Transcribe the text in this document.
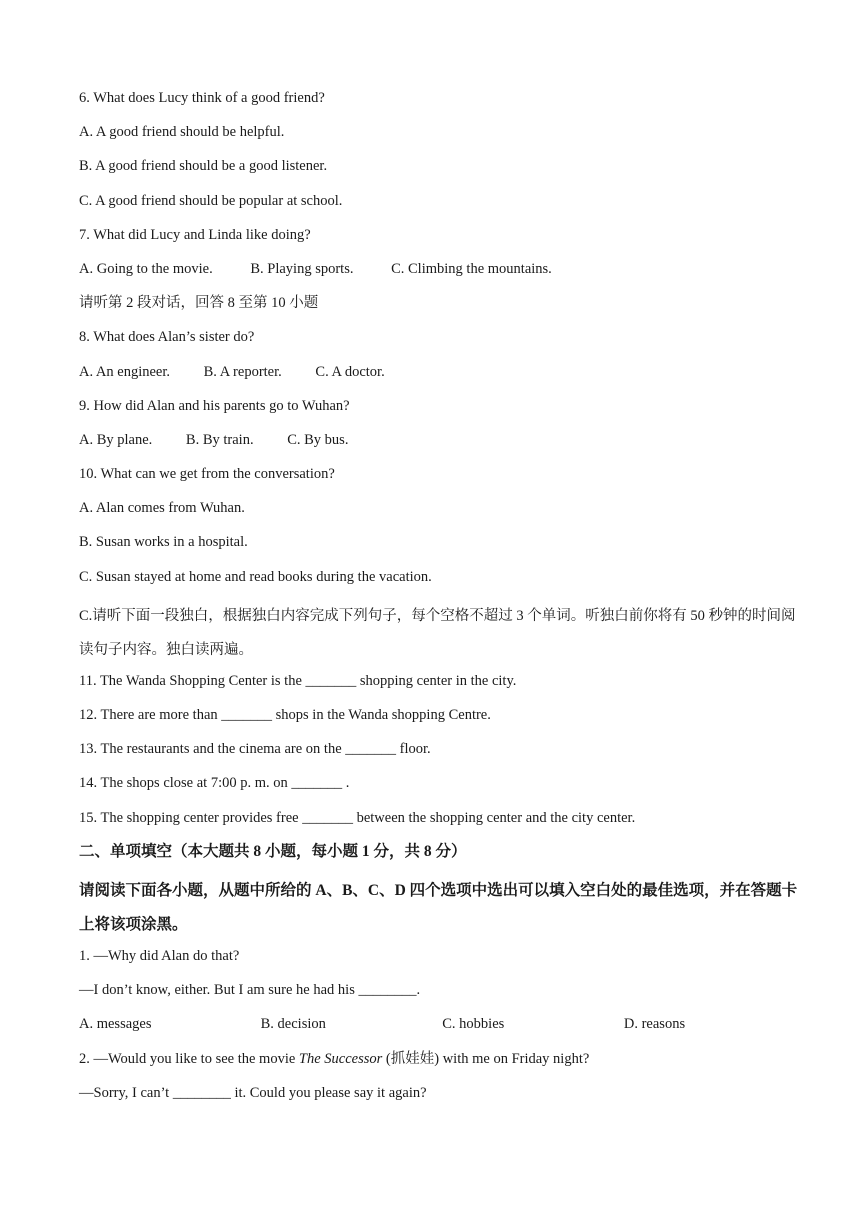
6. What does Lucy think of a good friend?
A. A good friend should be helpful.
B. A good friend should be a good listener.
C. A good friend should be popular at school.
7. What did Lucy and Linda like doing?
A. Going to the movie.	B. Playing sports.	C. Climbing the mountains.
请听第 2 段对话，回答 8 至第 10 小题
8. What does Alan’s sister do?
A. An engineer. B. A reporter. C. A doctor.
9. How did Alan and his parents go to Wuhan?
A. By plane. B. By train. C. By bus.
10. What can we get from the conversation?
A. Alan comes from Wuhan.
B. Susan works in a hospital.
C. Susan stayed at home and read books during the vacation.
C.请听下面一段独白，根据独白内容完成下列句子，每个空格不超过 3 个单词。听独白前你将有 50 秒钟的时间阅读句子内容。独白读两遍。
11. The Wanda Shopping Center is the _______ shopping center in the city.
12. There are more than _______ shops in the Wanda shopping Centre.
13. The restaurants and the cinema are on the _______ floor.
14. The shops close at 7:00 p. m. on _______ .
15. The shopping center provides free _______ between the shopping center and the city center.
二、单项填空（本大题共 8 小题，每小题 1 分，共 8 分）
请阅读下面各小题，从题中所给的 A、B、C、D 四个选项中选出可以填入空白处的最佳选项，并在答题卡上将该项涂黑。
1. —Why did Alan do that?
—I don’t know, either. But I am sure he had his ________.
A. messages	B. decision	C. hobbies	D. reasons
2. —Would you like to see the movie The Successor (抓娃娃) with me on Friday night?
—Sorry, I can’t ________ it. Could you please say it again?
